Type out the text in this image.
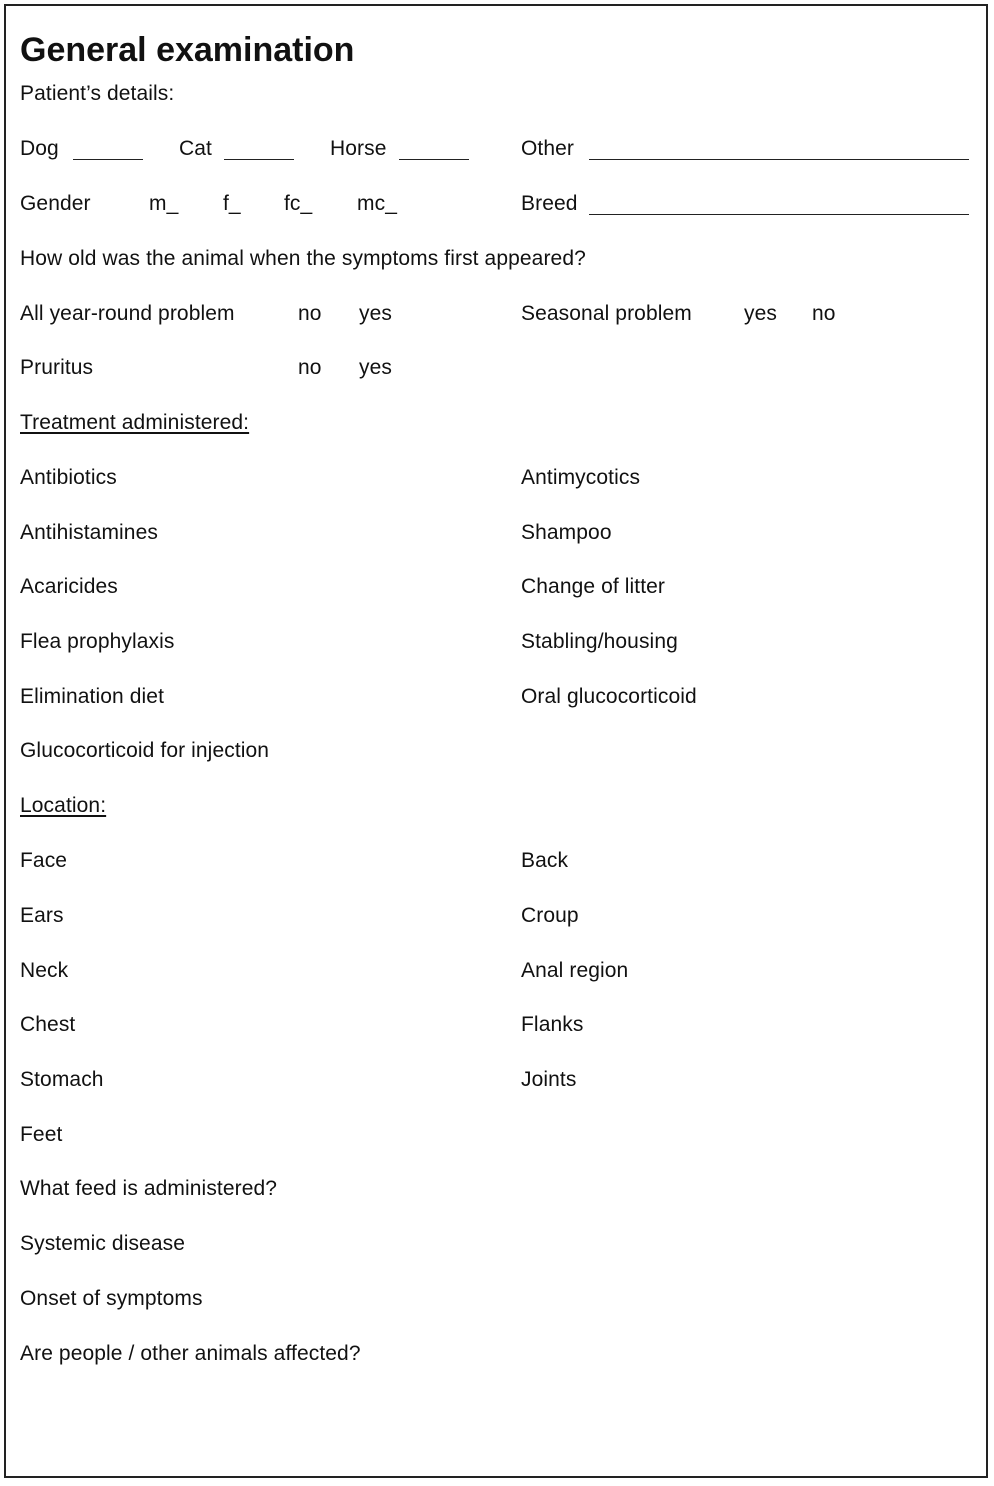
General examination
Patient’s details:
Dog	Cat	Horse	Other
Gender	m_ f_ fc_ mc_	Breed
How old was the animal when the symptoms first appeared?
All year-round problem	no yes	Seasonal problem yes no
Pruritus	no yes
Treatment administered:
Antibiotics	Antimycotics
Antihistamines	Shampoo
Acaricides	Change of litter
Flea prophylaxis	Stabling/housing
Elimination diet	Oral glucocorticoid
Glucocorticoid for injection
Location:
Face	Back
Ears	Croup
Neck	Anal region
Chest	Flanks
Stomach	Joints
Feet
What feed is administered?
Systemic disease
Onset of symptoms
Are people / other animals affected?
